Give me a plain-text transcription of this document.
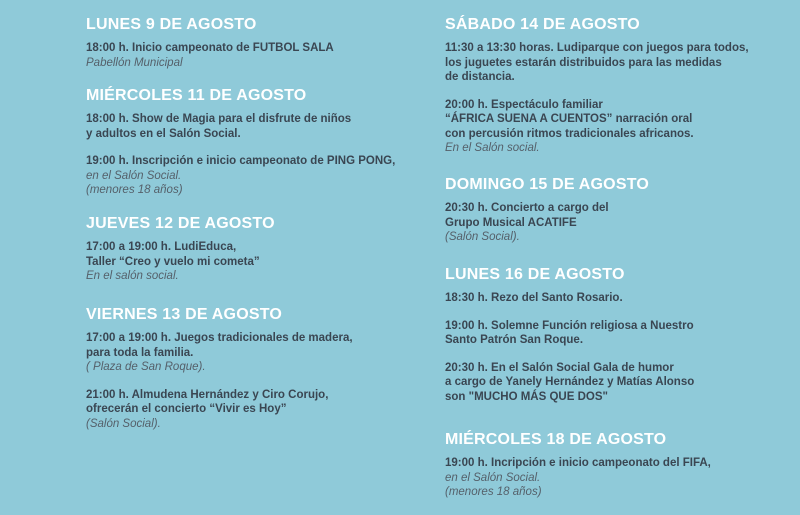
LUNES 9 DE AGOSTO
18:00 h. Inicio campeonato de FUTBOL SALA
Pabellón Municipal
MIÉRCOLES 11 DE AGOSTO
18:00 h. Show de Magia para el disfrute de niños
y adultos en el Salón Social.
19:00 h. Inscripción e inicio campeonato de PING PONG,
en el Salón Social.
(menores 18 años)
JUEVES 12 DE AGOSTO
17:00 a 19:00 h. LudiEduca,
Taller “Creo y vuelo mi cometa”
En el salón social.
VIERNES 13 DE AGOSTO
17:00 a 19:00 h. Juegos tradicionales de madera,
para toda la familia.
( Plaza de San Roque).
21:00 h. Almudena Hernández y Ciro Corujo,
ofrecerán el concierto “Vivir es Hoy”
(Salón Social).
SÁBADO 14 DE AGOSTO
11:30 a 13:30 horas. Ludiparque con juegos para todos,
los juguetes estarán distribuidos para las medidas
de distancia.
20:00 h. Espectáculo familiar
“ÁFRICA SUENA A CUENTOS” narración oral
con percusión ritmos tradicionales africanos.
En el Salón social.
DOMINGO 15 DE AGOSTO
20:30 h. Concierto a cargo del
Grupo Musical ACATIFE
(Salón Social).
LUNES 16 DE AGOSTO
18:30 h. Rezo del Santo Rosario.
19:00 h. Solemne Función religiosa a Nuestro
Santo Patrón San Roque.
20:30 h. En el Salón Social Gala de humor
a cargo de Yanely Hernández y Matías Alonso
son "MUCHO MÁS QUE DOS"
MIÉRCOLES 18 DE AGOSTO
19:00 h. Incripción e inicio campeonato del FIFA,
en el Salón Social.
(menores 18 años)
